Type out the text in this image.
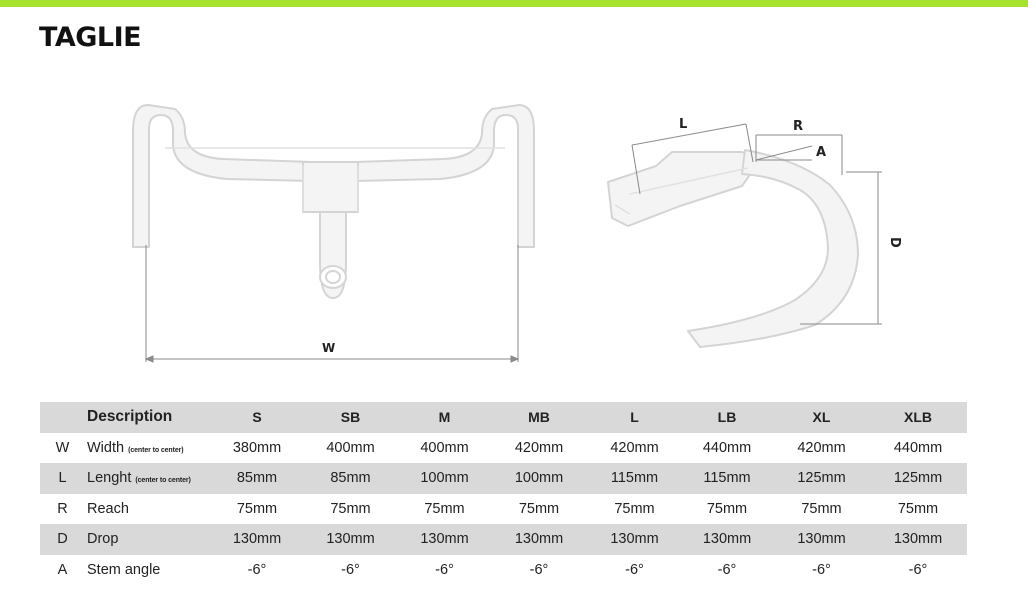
TAGLIE
W
L	R
A
D
	Description	S	SB	M	MB	L	LB	XL	XLB
W	Width (center to center)	380mm	400mm	400mm	420mm	420mm	440mm	420mm	440mm
L	Lenght (center to center)	85mm	85mm	100mm	100mm	115mm	115mm	125mm	125mm
R	Reach	75mm	75mm	75mm	75mm	75mm	75mm	75mm	75mm
D	Drop	130mm	130mm	130mm	130mm	130mm	130mm	130mm	130mm
A	Stem angle	-6°	-6°	-6°	-6°	-6°	-6°	-6°	-6°
